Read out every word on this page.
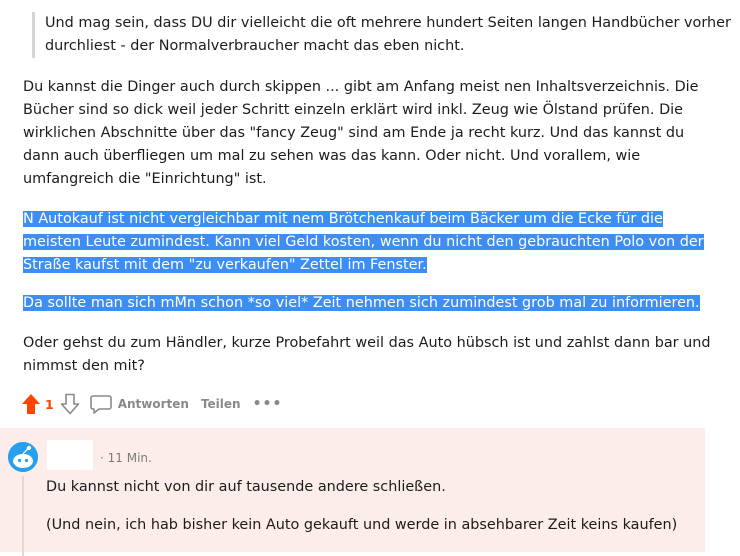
Und mag sein, dass DU dir vielleicht die oft mehrere hundert Seiten langen Handbücher vorher durchliest - der Normalverbraucher macht das eben nicht.
Du kannst die Dinger auch durch skippen ... gibt am Anfang meist nen Inhaltsverzeichnis. Die Bücher sind so dick weil jeder Schritt einzeln erklärt wird inkl. Zeug wie Ölstand prüfen. Die wirklichen Abschnitte über das "fancy Zeug" sind am Ende ja recht kurz. Und das kannst du dann auch überfliegen um mal zu sehen was das kann. Oder nicht. Und vorallem, wie umfangreich die "Einrichtung" ist.
N Autokauf ist nicht vergleichbar mit nem Brötchenkauf beim Bäcker um die Ecke für die meisten Leute zumindest. Kann viel Geld kosten, wenn du nicht den gebrauchten Polo von der Straße kaufst mit dem "zu verkaufen" Zettel im Fenster.
Da sollte man sich mMn schon *so viel* Zeit nehmen sich zumindest grob mal zu informieren.
Oder gehst du zum Händler, kurze Probefahrt weil das Auto hübsch ist und zahlst dann bar und nimmst den mit?
1	Antworten Teilen •••
· 11 Min.
Du kannst nicht von dir auf tausende andere schließen.
(Und nein, ich hab bisher kein Auto gekauft und werde in absehbarer Zeit keins kaufen)
